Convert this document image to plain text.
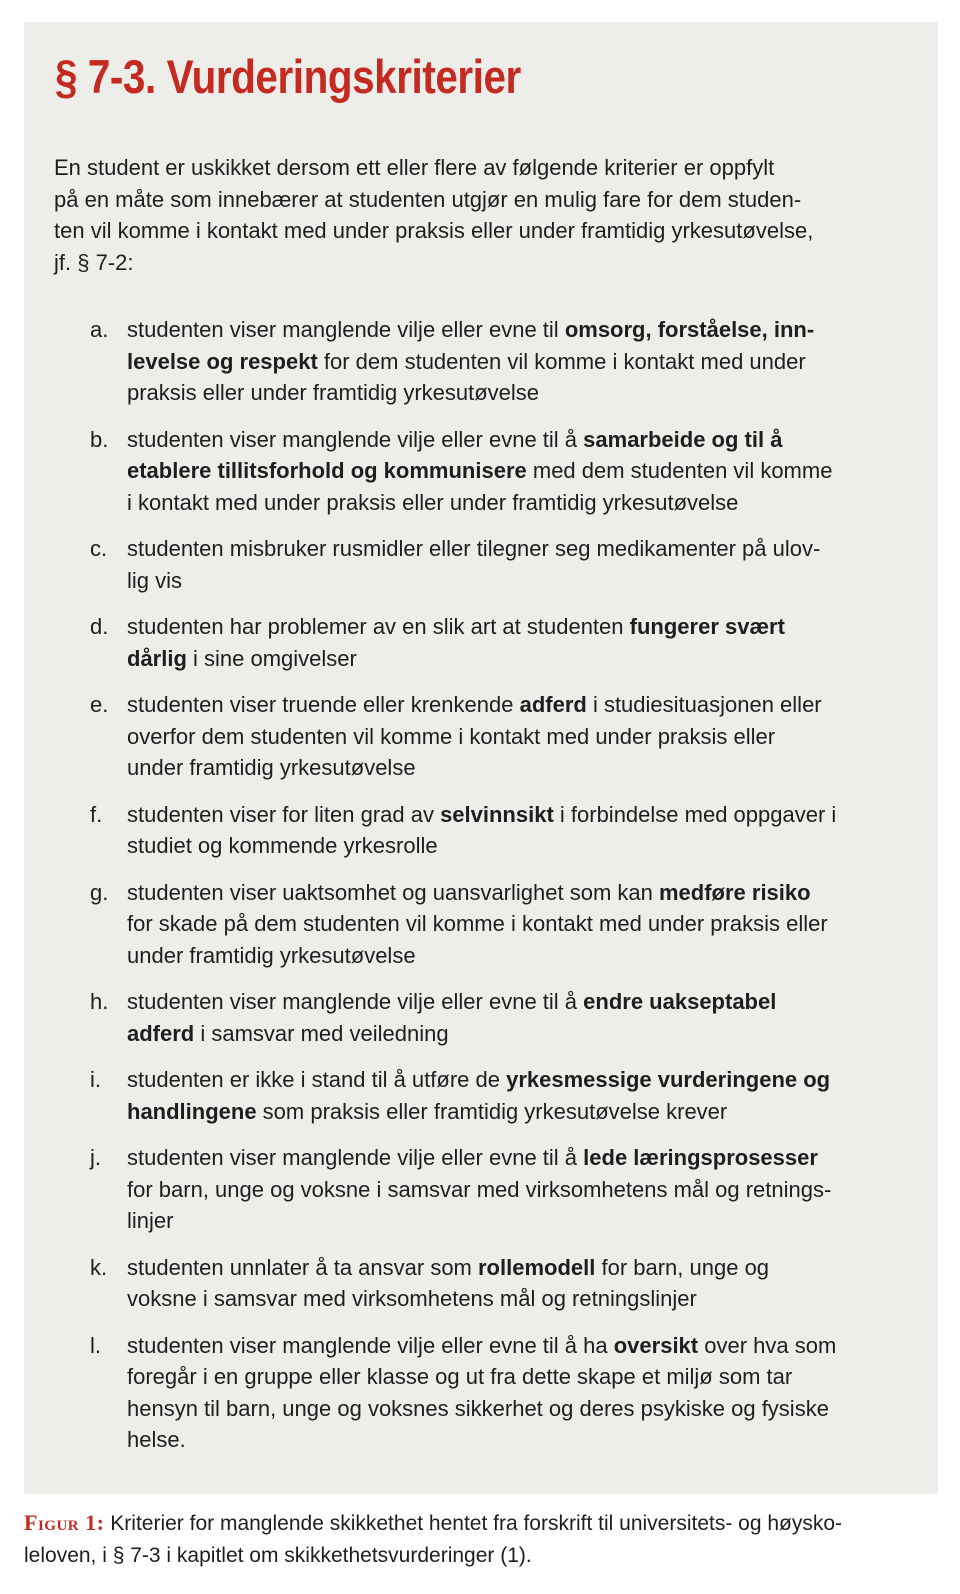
§ 7-3. Vurderingskriterier

En student er uskikket dersom ett eller flere av følgende kriterier er oppfylt
på en måte som innebærer at studenten utgjør en mulig fare for dem studen-
ten vil komme i kontakt med under praksis eller under framtidig yrkesutøvelse,
jf. § 7-2:

a. studenten viser manglende vilje eller evne til omsorg, forståelse, inn-
levelse og respekt for dem studenten vil komme i kontakt med under
praksis eller under framtidig yrkesutøvelse
b. studenten viser manglende vilje eller evne til å samarbeide og til å
etablere tillitsforhold og kommunisere med dem studenten vil komme
i kontakt med under praksis eller under framtidig yrkesutøvelse
c. studenten misbruker rusmidler eller tilegner seg medikamenter på ulov-
lig vis
d. studenten har problemer av en slik art at studenten fungerer svært
dårlig i sine omgivelser
e. studenten viser truende eller krenkende adferd i studiesituasjonen eller
overfor dem studenten vil komme i kontakt med under praksis eller
under framtidig yrkesutøvelse
f. studenten viser for liten grad av selvinnsikt i forbindelse med oppgaver i
studiet og kommende yrkesrolle
g. studenten viser uaktsomhet og uansvarlighet som kan medføre risiko
for skade på dem studenten vil komme i kontakt med under praksis eller
under framtidig yrkesutøvelse
h. studenten viser manglende vilje eller evne til å endre uakseptabel
adferd i samsvar med veiledning
i. studenten er ikke i stand til å utføre de yrkesmessige vurderingene og
handlingene som praksis eller framtidig yrkesutøvelse krever
j. studenten viser manglende vilje eller evne til å lede læringsprosesser
for barn, unge og voksne i samsvar med virksomhetens mål og retnings-
linjer
k. studenten unnlater å ta ansvar som rollemodell for barn, unge og
voksne i samsvar med virksomhetens mål og retningslinjer
l. studenten viser manglende vilje eller evne til å ha oversikt over hva som
foregår i en gruppe eller klasse og ut fra dette skape et miljø som tar
hensyn til barn, unge og voksnes sikkerhet og deres psykiske og fysiske
helse.

Figur 1: Kriterier for manglende skikkethet hentet fra forskrift til universitets- og høysko-
leloven, i § 7-3 i kapitlet om skikkethetsvurderinger (1).
